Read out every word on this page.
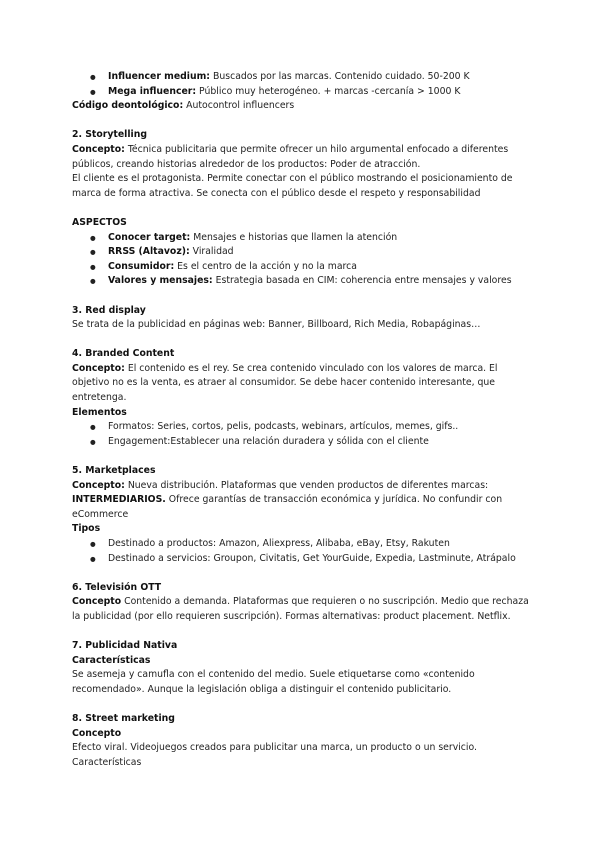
● Influencer medium: Buscados por las marcas. Contenido cuidado. 50-200 K
● Mega influencer: Público muy heterogéneo. + marcas -cercanía > 1000 K

Código deontológico: Autocontrol influencers

2. Storytelling

Concepto: Técnica publicitaria que permite ofrecer un hilo argumental enfocado a diferentes públicos, creando historias alrededor de los productos: Poder de atracción.

El cliente es el protagonista. Permite conectar con el público mostrando el posicionamiento de marca de forma atractiva. Se conecta con el público desde el respeto y responsabilidad

ASPECTOS

● Conocer target: Mensajes e historias que llamen la atención
● RRSS (Altavoz): Viralidad
● Consumidor: Es el centro de la acción y no la marca
● Valores y mensajes: Estrategia basada en CIM: coherencia entre mensajes y valores

3. Red display

Se trata de la publicidad en páginas web: Banner, Billboard, Rich Media, Robapáginas…

4. Branded Content

Concepto: El contenido es el rey. Se crea contenido vinculado con los valores de marca. El objetivo no es la venta, es atraer al consumidor. Se debe hacer contenido interesante, que entretenga.

Elementos

● Formatos: Series, cortos, pelis, podcasts, webinars, artículos, memes, gifs..
● Engagement:Establecer una relación duradera y sólida con el cliente

5. Marketplaces

Concepto: Nueva distribución. Plataformas que venden productos de diferentes marcas: INTERMEDIARIOS. Ofrece garantías de transacción económica y jurídica. No confundir con eCommerce

Tipos

● Destinado a productos: Amazon, Aliexpress, Alibaba, eBay, Etsy, Rakuten
● Destinado a servicios: Groupon, Civitatis, Get YourGuide, Expedia, Lastminute, Atrápalo

6. Televisión OTT

Concepto Contenido a demanda. Plataformas que requieren o no suscripción. Medio que rechaza la publicidad (por ello requieren suscripción). Formas alternativas: product placement. Netflix.

7. Publicidad Nativa

Características

Se asemeja y camufla con el contenido del medio. Suele etiquetarse como «contenido recomendado». Aunque la legislación obliga a distinguir el contenido publicitario.

8. Street marketing

Concepto

Efecto viral. Videojuegos creados para publicitar una marca, un producto o un servicio.

Características
